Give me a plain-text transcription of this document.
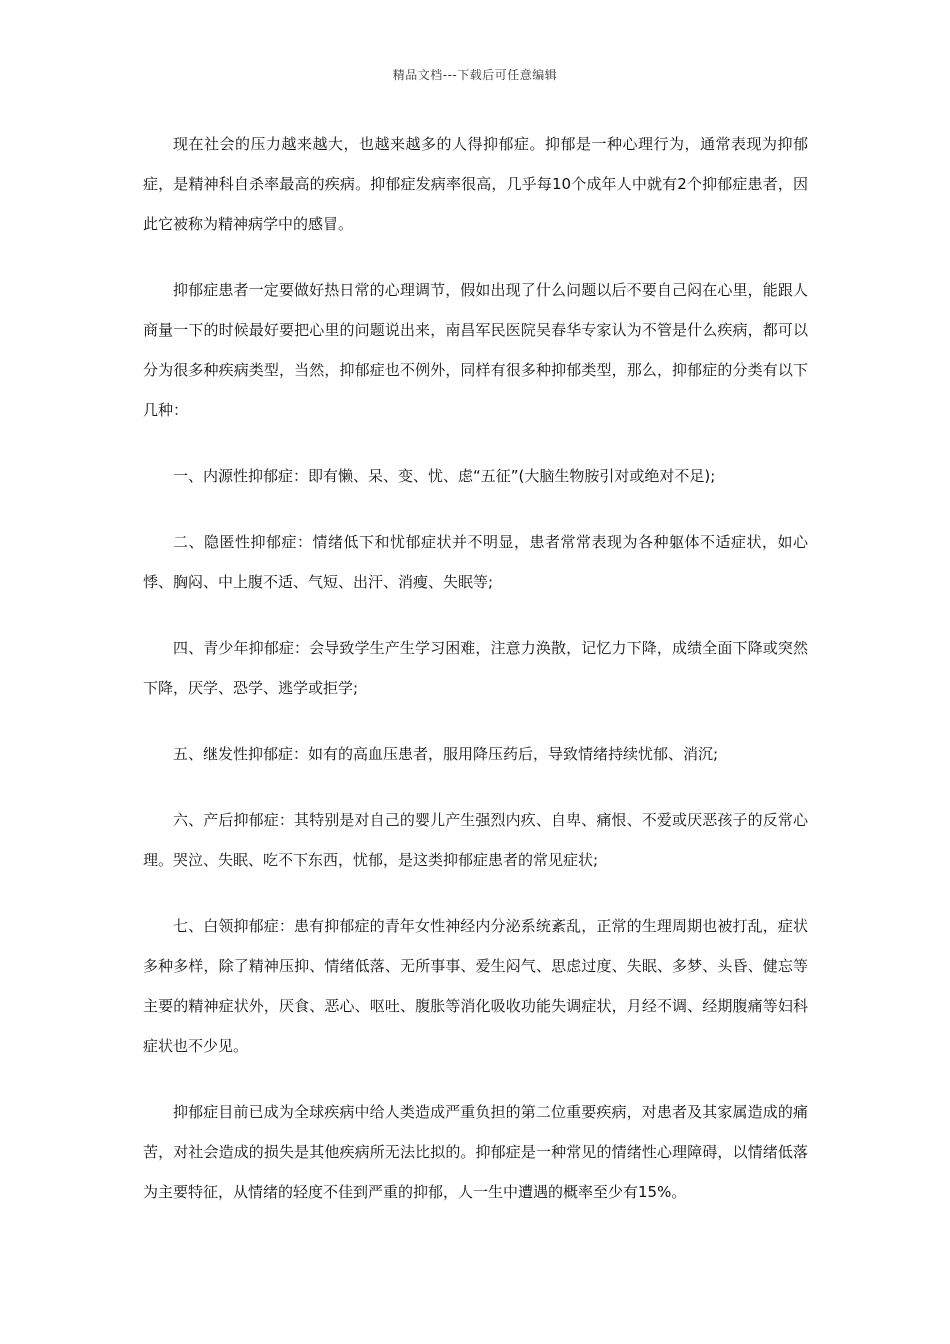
精品文档---下载后可任意编辑

现在社会的压力越来越大，也越来越多的人得抑郁症。抑郁是一种心理行为，通常表现为抑郁症，是精神科自杀率最高的疾病。抑郁症发病率很高，几乎每10个成年人中就有2个抑郁症患者，因此它被称为精神病学中的感冒。

抑郁症患者一定要做好热日常的心理调节，假如出现了什么问题以后不要自己闷在心里，能跟人商量一下的时候最好要把心里的问题说出来，南昌军民医院吴春华专家认为不管是什么疾病，都可以分为很多种疾病类型，当然，抑郁症也不例外，同样有很多种抑郁类型，那么，抑郁症的分类有以下几种：

一、内源性抑郁症：即有懒、呆、变、忧、虑“五征”(大脑生物胺引对或绝对不足);

二、隐匿性抑郁症：情绪低下和忧郁症状并不明显，患者常常表现为各种躯体不适症状，如心悸、胸闷、中上腹不适、气短、出汗、消瘦、失眠等;

四、青少年抑郁症：会导致学生产生学习困难，注意力涣散，记忆力下降，成绩全面下降或突然下降，厌学、恐学、逃学或拒学;

五、继发性抑郁症：如有的高血压患者，服用降压药后，导致情绪持续忧郁、消沉;

六、产后抑郁症：其特别是对自己的婴儿产生强烈内疚、自卑、痛恨、不爱或厌恶孩子的反常心理。哭泣、失眠、吃不下东西，忧郁，是这类抑郁症患者的常见症状;

七、白领抑郁症：患有抑郁症的青年女性神经内分泌系统紊乱，正常的生理周期也被打乱，症状多种多样，除了精神压抑、情绪低落、无所事事、爱生闷气、思虑过度、失眠、多梦、头昏、健忘等主要的精神症状外，厌食、恶心、呕吐、腹胀等消化吸收功能失调症状，月经不调、经期腹痛等妇科症状也不少见。

抑郁症目前已成为全球疾病中给人类造成严重负担的第二位重要疾病，对患者及其家属造成的痛苦，对社会造成的损失是其他疾病所无法比拟的。抑郁症是一种常见的情绪性心理障碍，以情绪低落为主要特征，从情绪的轻度不佳到严重的抑郁，人一生中遭遇的概率至少有15%。
